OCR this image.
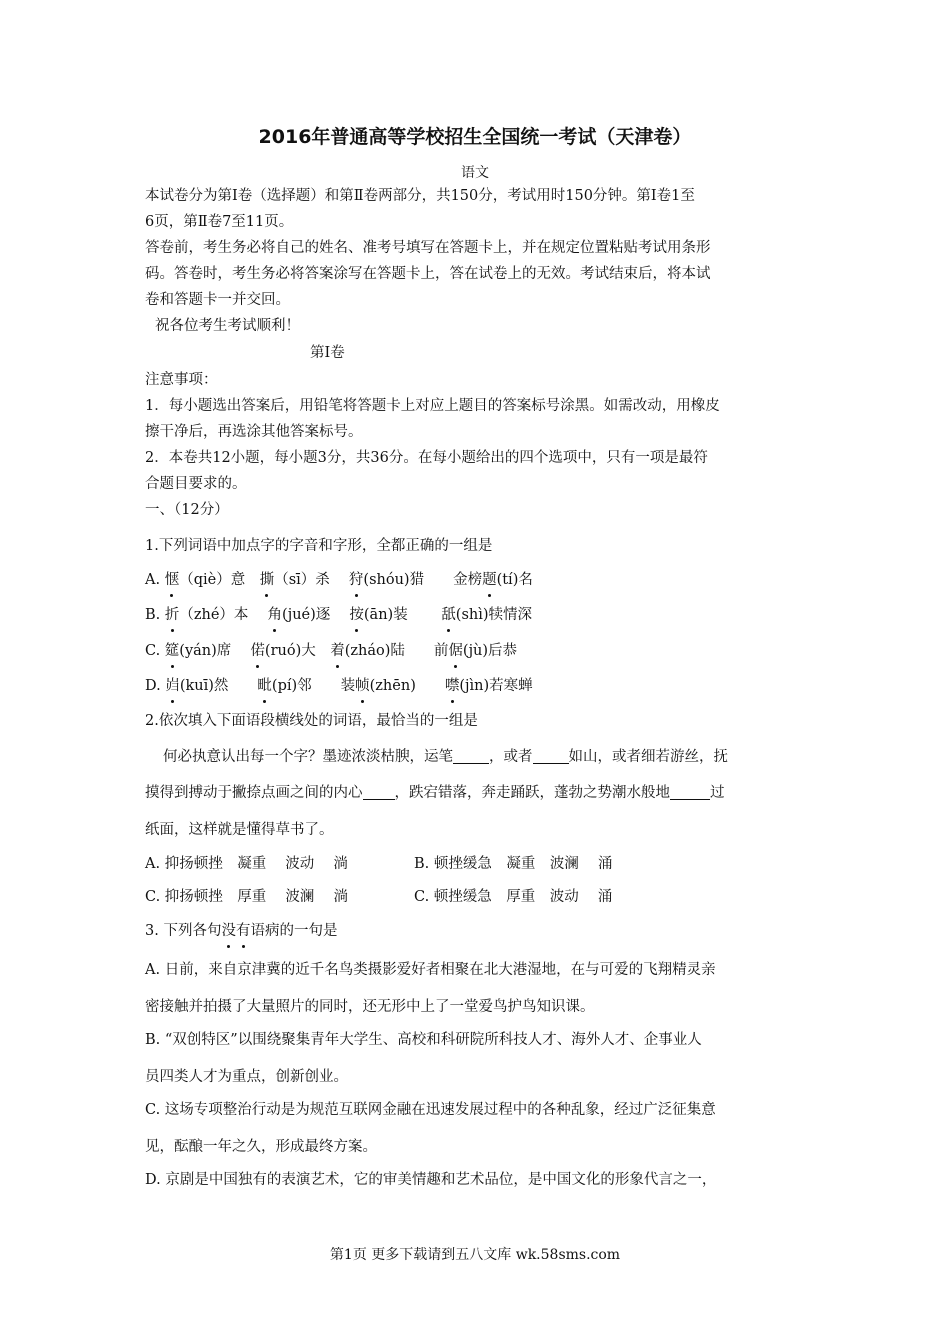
2016年普通高等学校招生全国统一考试（天津卷）
语文
本试卷分为第Ⅰ卷（选择题）和第Ⅱ卷两部分，共150分，考试用时150分钟。第Ⅰ卷1至
6页，第Ⅱ卷7至11页。
答卷前，考生务必将自己的姓名、准考号填写在答题卡上，并在规定位置粘贴考试用条形
码。答卷时，考生务必将答案涂写在答题卡上，答在试卷上的无效。考试结束后，将本试
卷和答题卡一并交回。
祝各位考生考试顺利！
第Ⅰ卷
注意事项：
1．每小题选出答案后，用铅笔将答题卡上对应上题目的答案标号涂黑。如需改动，用橡皮
擦干净后，再选涂其他答案标号。
2．本卷共12小题，每小题3分，共36分。在每小题给出的四个选项中，只有一项是最符
合题目要求的。
一、（12分）
1.下列词语中加点字的字音和字形，全都正确的一组是
A. 惬（qiè）意　撕（sī）杀　 狩(shóu)猎　　金榜题(tí)名
B. 折（zhé）本　 角(jué)逐　 按(ān)装　　 舐(shì)犊情深
C. 筵(yán)席　 偌(ruó)大　着(zháo)陆　　前倨(jù)后恭
D. 岿(kuī)然　　毗(pí)邻　　装帧(zhēn)　　噤(jìn)若寒蝉
2.依次填入下面语段横线处的词语，最恰当的一组是
何必执意认出每一个字？墨迹浓淡枯腴，运笔 ，或者 如山，或者细若游丝，抚
摸得到搏动于撇捺点画之间的内心 ，跌宕错落，奔走踊跃，蓬勃之势潮水般地	过
纸面，这样就是懂得草书了。
A. 抑扬顿挫　凝重　 波动　 淌	B. 顿挫缓急　凝重　波澜　 涌
C. 抑扬顿挫　厚重　 波澜　 淌	C. 顿挫缓急　厚重　波动　 涌
3. 下列各句没有语病的一句是
A. 日前，来自京津冀的近千名鸟类摄影爱好者相聚在北大港湿地，在与可爱的飞翔精灵亲
密接触并拍摄了大量照片的同时，还无形中上了一堂爱鸟护鸟知识课。
B. “双创特区”以围绕聚集青年大学生、高校和科研院所科技人才、海外人才、企事业人
员四类人才为重点，创新创业。
C. 这场专项整治行动是为规范互联网金融在迅速发展过程中的各种乱象，经过广泛征集意
见，酝酿一年之久，形成最终方案。
D. 京剧是中国独有的表演艺术，它的审美情趣和艺术品位，是中国文化的形象代言之一，
第1页 更多下载请到五八文库 wk.58sms.com
